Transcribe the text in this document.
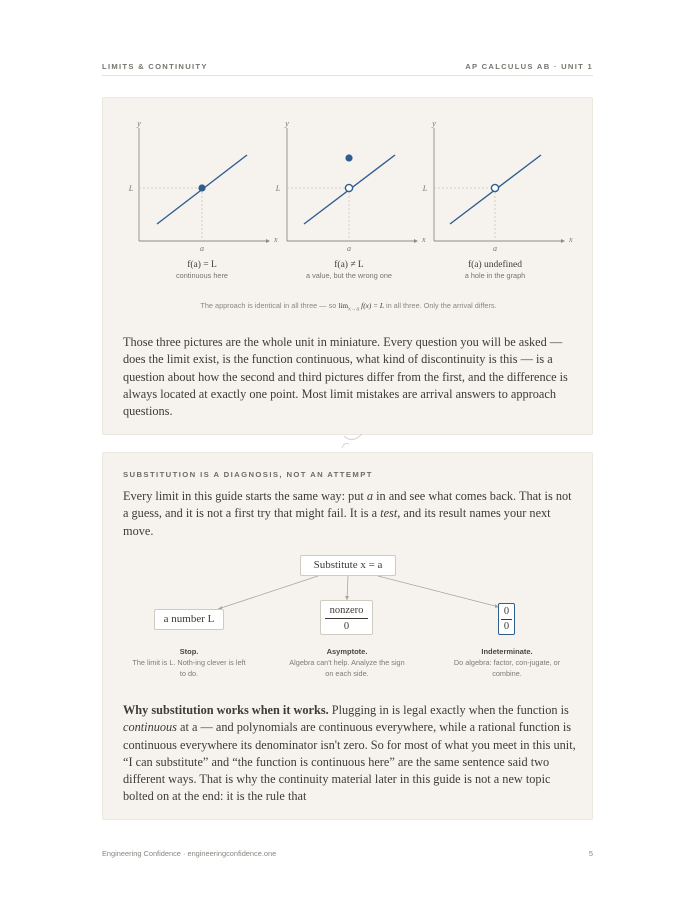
LIMITS & CONTINUITY	AP CALCULUS AB · UNIT 1
y
x
L
a
f(a) = L
continuous here
y
x
L
a
f(a) ≠ L
a value, but the wrong one
y
x
L
a
f(a) undefined
a hole in the graph

The approach is identical in all three — so $\lim_{x\to a} f(x) = L$ in all three. Only the arrival differs.

Those three pictures are the whole unit in miniature. Every question you will be asked — does the limit exist, is the function continuous, what kind of discontinuity is this — is a question about how the second and third pictures differ from the first, and the difference is always located at exactly one point. Most limit mistakes are arrival answers to approach questions.

SUBSTITUTION IS A DIAGNOSIS, NOT AN ATTEMPT

Every limit in this guide starts the same way: put a in and see what comes back. That is not a guess, and it is not a first try that might fail. It is a test, and its result names your next move.

Substitute x = a
a number L
nonzero
0
0
0
Stop.
The limit is L. Noth-ing clever is left to do.
Asymptote.
Algebra can't help. Analyze the sign on each side.
Indeterminate.
Do algebra: factor, con-jugate, or combine.

Why substitution works when it works. Plugging in is legal exactly when the function is continuous at a — and polynomials are continuous everywhere, while a rational function is continuous everywhere its denominator isn't zero. So for most of what you meet in this unit, “I can substitute” and “the function is continuous here” are the same sentence said two different ways. That is why the continuity material later in this guide is not a new topic bolted on at the end: it is the rule that

Engineering Confidence · engineeringconfidence.one	5
